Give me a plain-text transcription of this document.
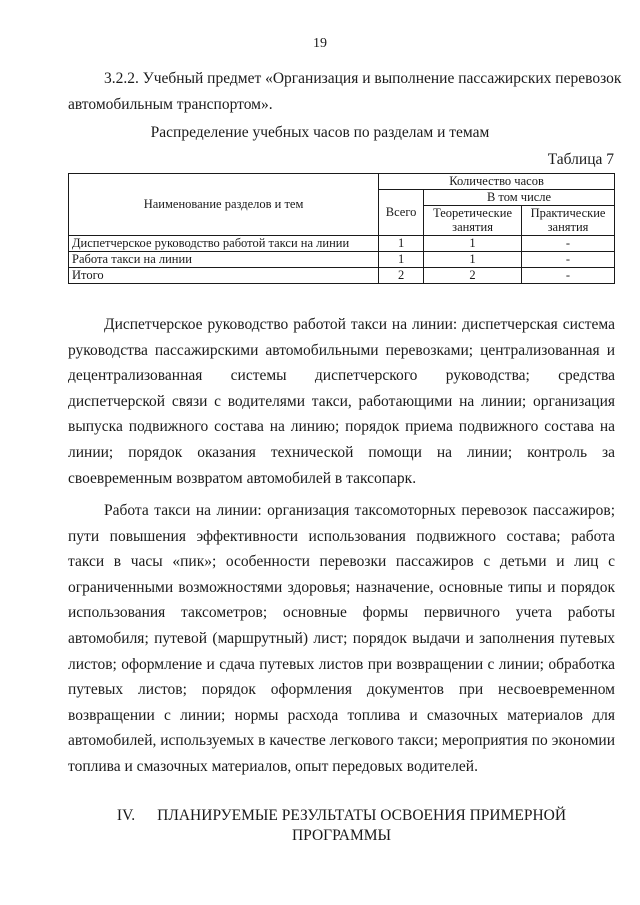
19
3.2.2. Учебный предмет «Организация и выполнение пассажирских перевозок
автомобильным транспортом».
Распределение учебных часов по разделам и темам
Таблица 7
Наименование разделов и тем	Количество часов		
	Всего	В том числе	
		Теоретические занятия	Практические занятия
Диспетчерское руководство работой такси на линии	1	1	-
Работа такси на линии	1	1	-
Итого	2	2	-

Диспетчерское руководство работой такси на линии: диспетчерская система руководства пассажирскими автомобильными перевозками; централизованная и децентрализованная системы диспетчерского руководства; средства диспетчерской связи с водителями такси, работающими на линии; организация выпуска подвижного состава на линию; порядок приема подвижного состава на линии; порядок оказания технической помощи на линии; контроль за своевременным возвратом автомобилей в таксопарк.

Работа такси на линии: организация таксомоторных перевозок пассажиров; пути повышения эффективности использования подвижного состава; работа такси в часы «пик»; особенности перевозки пассажиров с детьми и лиц с ограниченными возможностями здоровья; назначение, основные типы и порядок использования таксометров; основные формы первичного учета работы автомобиля; путевой (маршрутный) лист; порядок выдачи и заполнения путевых листов; оформление и сдача путевых листов при возвращении с линии; обработка путевых листов; порядок оформления документов при несвоевременном возвращении с линии; нормы расхода топлива и смазочных материалов для автомобилей, используемых в качестве легкового такси; мероприятия по экономии топлива и смазочных материалов, опыт передовых водителей.

IV. ПЛАНИРУЕМЫЕ РЕЗУЛЬТАТЫ ОСВОЕНИЯ ПРИМЕРНОЙ
ПРОГРАММЫ
